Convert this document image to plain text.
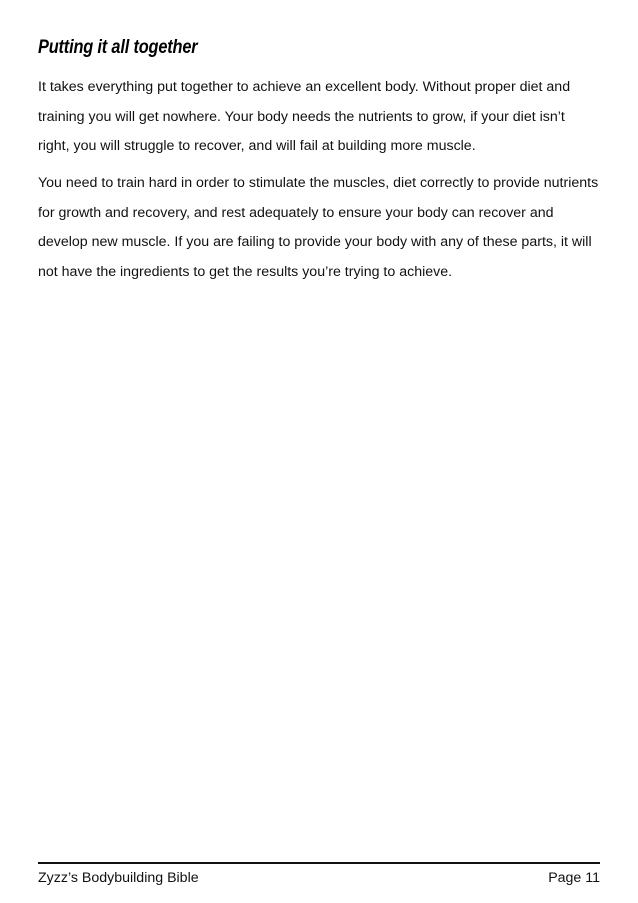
Putting it all together

It takes everything put together to achieve an excellent body. Without proper diet and training you will get nowhere. Your body needs the nutrients to grow, if your diet isn’t right, you will struggle to recover, and will fail at building more muscle.

You need to train hard in order to stimulate the muscles, diet correctly to provide nutrients for growth and recovery, and rest adequately to ensure your body can recover and develop new muscle. If you are failing to provide your body with any of these parts, it will not have the ingredients to get the results you’re trying to achieve.

Zyzz’s Bodybuilding Bible	Page 11
